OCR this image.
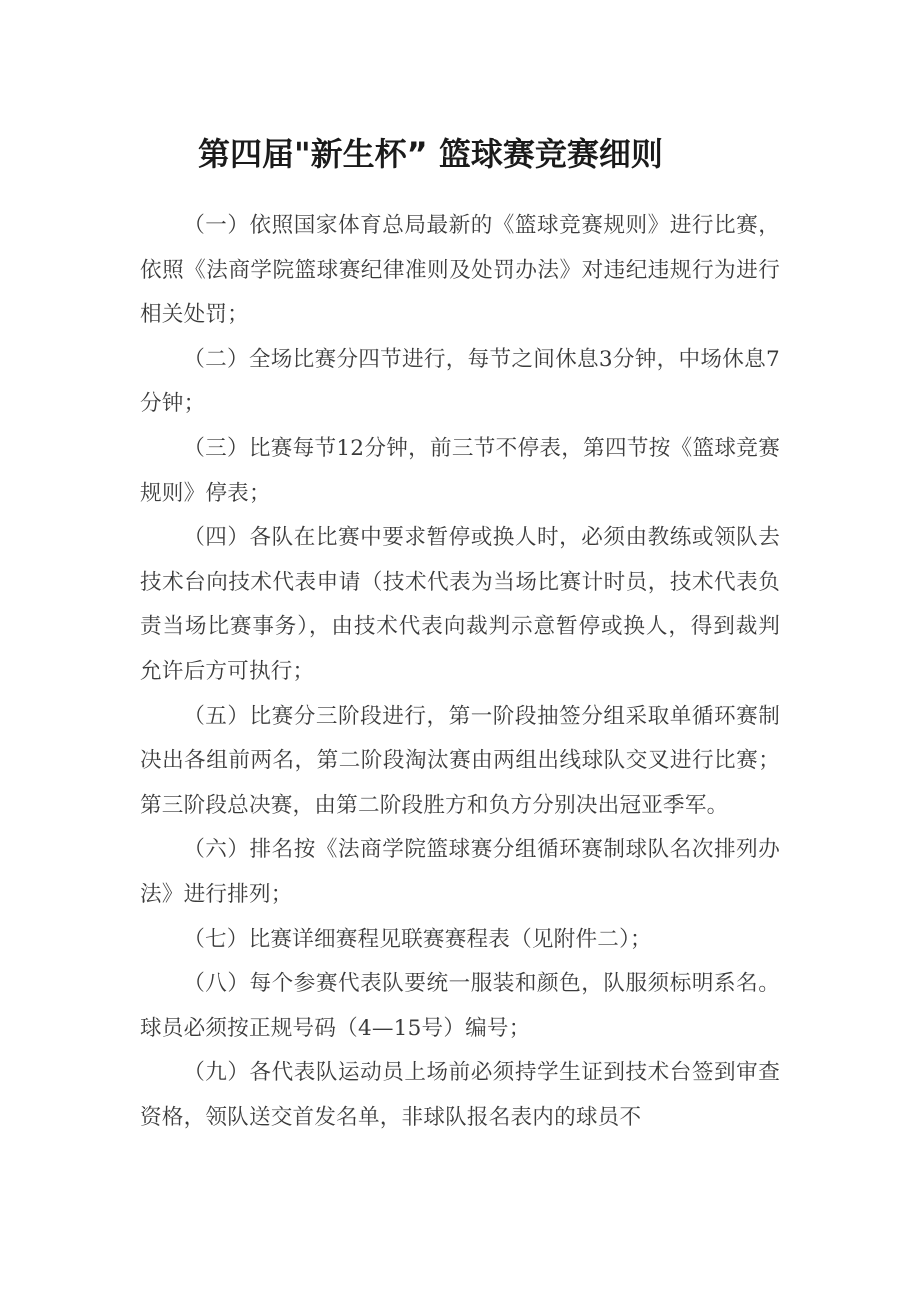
第四届"新生杯” 篮球赛竞赛细则

（一）依照国家体育总局最新的《篮球竞赛规则》进行比赛，依照《法商学院篮球赛纪律准则及处罚办法》对违纪违规行为进行相关处罚；

（二）全场比赛分四节进行，每节之间休息3分钟，中场休息7分钟；

（三）比赛每节12分钟，前三节不停表，第四节按《篮球竞赛规则》停表；

（四）各队在比赛中要求暂停或换人时，必须由教练或领队去技术台向技术代表申请（技术代表为当场比赛计时员，技术代表负责当场比赛事务），由技术代表向裁判示意暂停或换人，得到裁判允许后方可执行；

（五）比赛分三阶段进行，第一阶段抽签分组采取单循环赛制决出各组前两名，第二阶段淘汰赛由两组出线球队交叉进行比赛；第三阶段总决赛，由第二阶段胜方和负方分别决出冠亚季军。

（六）排名按《法商学院篮球赛分组循环赛制球队名次排列办法》进行排列；

（七）比赛详细赛程见联赛赛程表（见附件二）；

（八）每个参赛代表队要统一服装和颜色，队服须标明系名。球员必须按正规号码（4—15号）编号；

（九）各代表队运动员上场前必须持学生证到技术台签到审查资格，领队送交首发名单，非球队报名表内的球员不
